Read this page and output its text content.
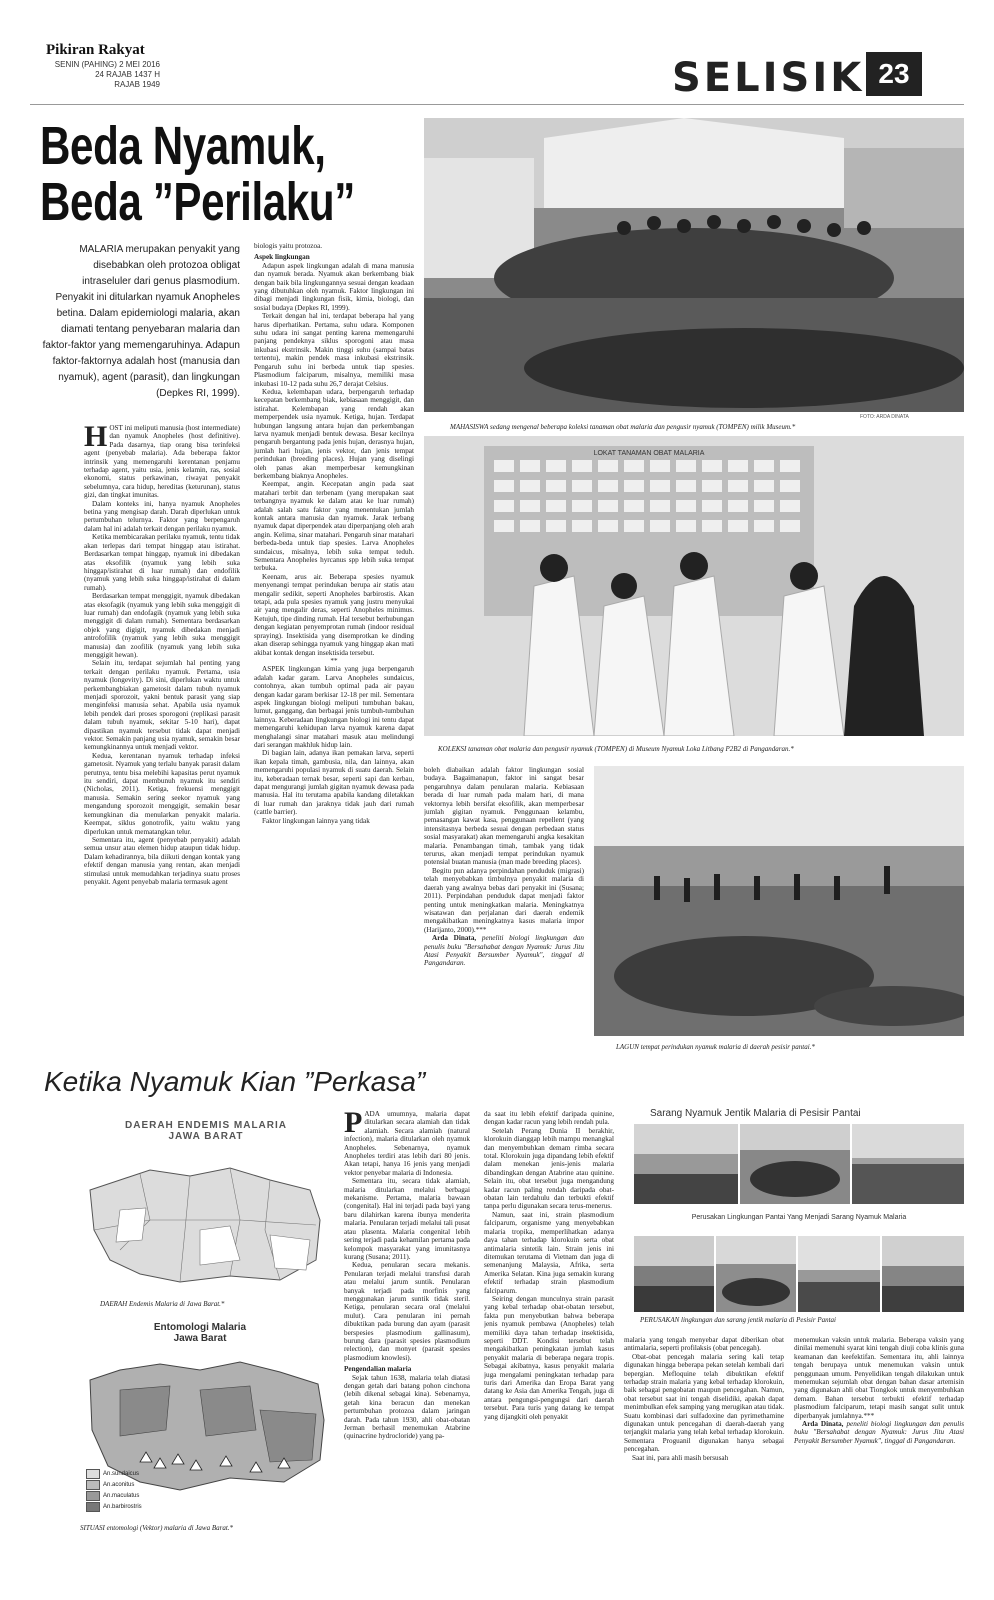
Pikiran Rakyat
SENIN (PAHING) 2 MEI 2016
24 RAJAB 1437 H
RAJAB 1949	SELISIK 23
Beda Nyamuk,
Beda ”Perilaku”
MALARIA merupakan penyakit yang disebabkan oleh protozoa obligat intraseluler dari genus plasmodium. Penyakit ini ditularkan nyamuk Anopheles betina. Dalam epidemiologi malaria, akan diamati tentang penyebaran malaria dan faktor-faktor yang memengaruhinya. Adapun faktor-faktornya adalah host (manusia dan nyamuk), agent (parasit), dan lingkungan (Depkes RI, 1999).
H OST ini meliputi manusia (host intermediate) dan nyamuk Anopheles (host definitive). Pada dasarnya, tiap orang bisa terinfeksi agent (penyebab malaria). Ada beberapa faktor intrinsik yang memengaruhi kerentanan penjamu terhadap agent, yaitu usia, jenis kelamin, ras, sosial ekonomi, status perkawinan, riwayat penyakit sebelumnya, cara hidup, hereditas (keturunan), status gizi, dan tingkat imunitas.

Dalam konteks ini, hanya nyamuk Anopheles betina yang mengisap darah. Darah diperlukan untuk pertumbuhan telurnya. Faktor yang berpengaruh dalam hal ini adalah terkait dengan perilaku nyamuk.

Ketika membicarakan perilaku nyamuk, tentu tidak akan terlepas dari tempat hinggap atau istirahat. Berdasarkan tempat hinggap, nyamuk ini dibedakan atas eksofilik (nyamuk yang lebih suka hinggap/istirahat di luar rumah) dan endofilik (nyamuk yang lebih suka hinggap/istirahat di dalam rumah).

Berdasarkan tempat menggigit, nyamuk dibedakan atas eksofagik (nyamuk yang lebih suka menggigit di luar rumah) dan endofagik (nyamuk yang lebih suka menggigit di dalam rumah). Sementara berdasarkan objek yang digigit, nyamuk dibedakan menjadi antrofofilik (nyamuk yang lebih suka menggigit manusia) dan zoofilik (nyamuk yang lebih suka menggigit hewan).

Selain itu, terdapat sejumlah hal penting yang terkait dengan perilaku nyamuk. Pertama, usia nyamuk (longevity). Di sini, diperlukan waktu untuk perkembangbiakan gametosit dalam tubuh nyamuk menjadi sporozoit, yakni bentuk parasit yang siap menginfeksi manusia sehat. Apabila usia nyamuk lebih pendek dari proses sporogoni (replikasi parasit dalam tubuh nyamuk, sekitar 5-10 hari), dapat dipastikan nyamuk tersebut tidak dapat menjadi vektor. Semakin panjang usia nyamuk, semakin besar kemungkinannya untuk menjadi vektor.

Kedua, kerentanan nyamuk terhadap infeksi gametosit. Nyamuk yang terlalu banyak parasit dalam perutnya, tentu bisa melebihi kapasitas perut nyamuk itu sendiri, dapat membunuh nyamuk itu sendiri (Nicholas, 2011). Ketiga, frekuensi menggigit manusia. Semakin sering seekor nyamuk yang mengandung sporozoit menggigit, semakin besar kemungkinan dia menularkan penyakit malaria. Keempat, siklus gonotrofik, yaitu waktu yang diperlukan untuk mematangkan telur.

Sementara itu, agent (penyebab penyakit) adalah semua unsur atau elemen hidup ataupun tidak hidup. Dalam kehadirannya, bila diikuti dengan kontak yang efektif dengan manusia yang rentan, akan menjadi stimulasi untuk memudahkan terjadinya suatu proses penyakit. Agent penyebab malaria termasuk agent

biologis yaitu protozoa.

Aspek lingkungan

Adapun aspek lingkungan adalah di mana manusia dan nyamuk berada. Nyamuk akan berkembang biak dengan baik bila lingkungannya sesuai dengan keadaan yang dibutuhkan oleh nyamuk. Faktor lingkungan ini dibagi menjadi lingkungan fisik, kimia, biologi, dan sosial budaya (Depkes RI, 1999).

Terkait dengan hal ini, terdapat beberapa hal yang harus diperhatikan. Pertama, suhu udara. Komponen suhu udara ini sangat penting karena memengaruhi panjang pendeknya siklus sporogoni atau masa inkubasi ekstrinsik. Makin tinggi suhu (sampai batas tertentu), makin pendek masa inkubasi ekstrinsik. Pengaruh suhu ini berbeda untuk tiap spesies. Plasmodium falciparum, misalnya, memiliki masa inkubasi 10-12 pada suhu 26,7 derajat Celsius.

Kedua, kelembapan udara, berpengaruh terhadap kecepatan berkembang biak, kebiasaan menggigit, dan istirahat. Kelembapan yang rendah akan memperpendek usia nyamuk. Ketiga, hujan. Terdapat hubungan langsung antara hujan dan perkembangan larva nyamuk menjadi bentuk dewasa. Besar kecilnya pengaruh bergantung pada jenis hujan, derasnya hujan, jumlah hari hujan, jenis vektor, dan jenis tempat perindukan (breeding places). Hujan yang diselingi oleh panas akan memperbesar kemungkinan berkembang biaknya Anopheles.

Keempat, angin. Kecepatan angin pada saat matahari terbit dan terbenam (yang merupakan saat terbangnya nyamuk ke dalam atau ke luar rumah) adalah salah satu faktor yang menentukan jumlah kontak antara manusia dan nyamuk. Jarak terbang nyamuk dapat diperpendek atau diperpanjang oleh arah angin. Kelima, sinar matahari. Pengaruh sinar matahari berbeda-beda untuk tiap spesies. Larva Anopheles sundaicus, misalnya, lebih suka tempat teduh. Sementara Anopheles hyrcanus spp lebih suka tempat terbuka.

Keenam, arus air. Beberapa spesies nyamuk menyenangi tempat perindukan berupa air statis atau mengalir sedikit, seperti Anopheles barbirostis. Akan tetapi, ada pula spesies nyamuk yang justru menyukai air yang mengalir deras, seperti Anopheles minimus. Ketujuh, tipe dinding rumah. Hal tersebut berhubungan dengan kegiatan penyemprotan rumah (indoor residual spraying). Insektisida yang disemprotkan ke dinding akan diserap sehingga nyamuk yang hinggap akan mati akibat kontak dengan insektisida tersebut.

**

ASPEK lingkungan kimia yang juga berpengaruh adalah kadar garam. Larva Anopheles sundaicus, contohnya, akan tumbuh optimal pada air payau dengan kadar garam berkisar 12-18 per mil. Sementara aspek lingkungan biologi meliputi tumbuhan bakau, lumut, ganggang, dan berbagai jenis tumbuh-tumbuhan lainnya. Keberadaan lingkungan biologi ini tentu dapat memengaruhi kehidupan larva nyamuk karena dapat menghalangi sinar matahari masuk atau melindungi dari serangan makhluk hidup lain.

Di bagian lain, adanya ikan pemakan larva, seperti ikan kepala timah, gambusia, nila, dan lainnya, akan memengaruhi populasi nyamuk di suatu daerah. Selain itu, keberadaan ternak besar, seperti sapi dan kerbau, dapat mengurangi jumlah gigitan nyamuk dewasa pada manusia. Hal itu terutama apabila kandang diletakkan di luar rumah dan jaraknya tidak jauh dari rumah (cattle barrier).

Faktor lingkungan lainnya yang tidak

boleh diabaikan adalah faktor lingkungan sosial budaya. Bagaimanapun, faktor ini sangat besar pengaruhnya dalam penularan malaria. Kebiasaan berada di luar rumah pada malam hari, di mana vektornya lebih bersifat eksofilik, akan memperbesar jumlah gigitan nyamuk. Penggunaan kelambu, pemasangan kawat kasa, penggunaan repellent (yang intensitasnya berbeda sesuai dengan perbedaan status sosial masyarakat) akan memengaruhi angka kesakitan malaria. Penambangan timah, tambak yang tidak terurus, akan menjadi tempat perindukan nyamuk potensial buatan manusia (man made breeding places).

Begitu pun adanya perpindahan penduduk (migrasi) telah menyebabkan timbulnya penyakit malaria di daerah yang awalnya bebas dari penyakit ini (Susana; 2011). Perpindahan penduduk dapat menjadi faktor penting untuk meningkatkan malaria. Meningkatnya wisatawan dan perjalanan dari daerah endemik mengakibatkan meningkatnya kasus malaria impor (Harijanto, 2000).***

Arda Dinata, peneliti biologi lingkungan dan penulis buku "Bersahabat dengan Nyamuk: Jurus Jitu Atasi Penyakit Bersumber Nyamuk", tinggal di Pangandaran.

FOTO: ARDA DINATA
MAHASISWA sedang mengenal beberapa koleksi tanaman obat malaria dan pengusir nyamuk (TOMPEN) milik Museum.*
LOKAT TANAMAN OBAT MALARIA
KOLEKSI tanaman obat malaria dan pengusir nyamuk (TOMPEN) di Museum Nyamuk Loka Litbang P2B2 di Pangandaran.*
LAGUN tempat perindukan nyamuk malaria di daerah pesisir pantai.*
Ketika Nyamuk Kian ”Perkasa”
DAERAH ENDEMIS MALARIA
JAWA BARAT
DAERAH Endemis Malaria di Jawa Barat.*
Entomologi Malaria
Jawa Barat
An.sundaicus
An.aconitus
An.maculatus
An.barbirostris
SITUASI entomologi (Vektor) malaria di Jawa Barat.*
P ADA umumnya, malaria dapat ditularkan secara alamiah dan tidak alamiah. Secara alamiah (natural infection), malaria ditularkan oleh nyamuk Anopheles. Sebenarnya, nyamuk Anopheles terdiri atas lebih dari 80 jenis. Akan tetapi, hanya 16 jenis yang menjadi vektor penyebar malaria di Indonesia.

Sementara itu, secara tidak alamiah, malaria ditularkan melalui berbagai mekanisme. Pertama, malaria bawaan (congenital). Hal ini terjadi pada bayi yang baru dilahirkan karena ibunya menderita malaria. Penularan terjadi melalui tali pusat atau plasenta. Malaria congenital lebih sering terjadi pada kehamilan pertama pada kelompok masyarakat yang imunitasnya kurang (Susana; 2011).

Kedua, penularan secara mekanis. Penularan terjadi melalui transfusi darah atau melalui jarum suntik. Penularan banyak terjadi pada morfinis yang menggunakan jarum suntik tidak steril. Ketiga, penularan secara oral (melalui mulut). Cara penularan ini pernah dibuktikan pada burung dan ayam (parasit berspesies plasmodium gallinasum), burung dara (parasit spesies plasmodium relection), dan monyet (parasit spesies plasmodium knowlesi).

Pengendalian malaria

Sejak tahun 1638, malaria telah diatasi dengan getah dari batang pohon cinchona (lebih dikenal sebagai kina). Sebenarnya, getah kina beracun dan menekan pertumbuhan protozoa dalam jaringan darah. Pada tahun 1930, ahli obat-obatan Jerman berhasil menemukan Atabrine (quinacrine hydrocloride) yang pa-

da saat itu lebih efektif daripada quinine, dengan kadar racun yang lebih rendah pula.

Setelah Perang Dunia II berakhir, klorokuin dianggap lebih mampu menangkal dan menyembuhkan demam rimba secara total. Klorokuin juga dipandang lebih efektif dalam menekan jenis-jenis malaria dibandingkan dengan Atabrine atau quinine. Selain itu, obat tersebut juga mengandung kadar racun paling rendah daripada obat-obatan lain terdahulu dan terbukti efektif tanpa perlu digunakan secara terus-menerus.

Namun, saat ini, strain plasmodium falciparum, organisme yang menyebabkan malaria tropika, memperlihatkan adanya daya tahan terhadap klorokuin serta obat antimalaria sintetik lain. Strain jenis ini ditemukan terutama di Vietnam dan juga di semenanjung Malaysia, Afrika, serta Amerika Selatan. Kina juga semakin kurang efektif terhadap strain plasmodium falciparum.

Seiring dengan munculnya strain parasit yang kebal terhadap obat-obatan tersebut, fakta pun menyebutkan bahwa beberapa jenis nyamuk pembawa (Anopheles) telah memiliki daya tahan terhadap insektisida, seperti DDT. Kondisi tersebut telah mengakibatkan peningkatan jumlah kasus penyakit malaria di beberapa negara tropis. Sebagai akibatnya, kasus penyakit malaria juga mengalami peningkatan terhadap para turis dari Amerika dan Eropa Barat yang datang ke Asia dan Amerika Tengah, juga di antara pengungsi-pengungsi dari daerah tersebut. Para turis yang datang ke tempat yang dijangkiti oleh penyakit

Sarang Nyamuk Jentik Malaria di Pesisir Pantai
Perusakan Lingkungan Pantai Yang Menjadi Sarang Nyamuk Malaria
PERUSAKAN lingkungan dan sarang jentik malaria di Pesisir Pantai

malaria yang tengah menyebar dapat diberikan obat antimalaria, seperti profilaksis (obat pencegah).

Obat-obat pencegah malaria sering kali tetap digunakan hingga beberapa pekan setelah kembali dari bepergian. Mefloquine telah dibuktikan efektif terhadap strain malaria yang kebal terhadap klorokuin, baik sebagai pengobatan maupun pencegahan. Namun, obat tersebut saat ini tengah diselidiki, apakah dapat menimbulkan efek samping yang merugikan atau tidak. Suatu kombinasi dari sulfadoxine dan pyrimethamine digunakan untuk pencegahan di daerah-daerah yang terjangkit malaria yang telah kebal terhadap klorokuin. Sementara Proguanil digunakan hanya sebagai pencegahan.

Saat ini, para ahli masih bersusah

menemukan vaksin untuk malaria. Beberapa vaksin yang dinilai memenuhi syarat kini tengah diuji coba klinis guna keamanan dan keefektifan. Sementara itu, ahli lainnya tengah berupaya untuk menemukan vaksin untuk penggunaan umum. Penyelidikan tengah dilakukan untuk menemukan sejumlah obat dengan bahan dasar artemisin yang digunakan ahli obat Tiongkok untuk menyembuhkan demam. Bahan tersebut terbukti efektif terhadap plasmodium falciparum, tetapi masih sangat sulit untuk diperbanyak jumlahnya.***

Arda Dinata, peneliti biologi lingkungan dan penulis buku "Bersahabat dengan Nyamuk: Jurus Jitu Atasi Penyakit Bersumber Nyamuk", tinggal di Pangandaran.
